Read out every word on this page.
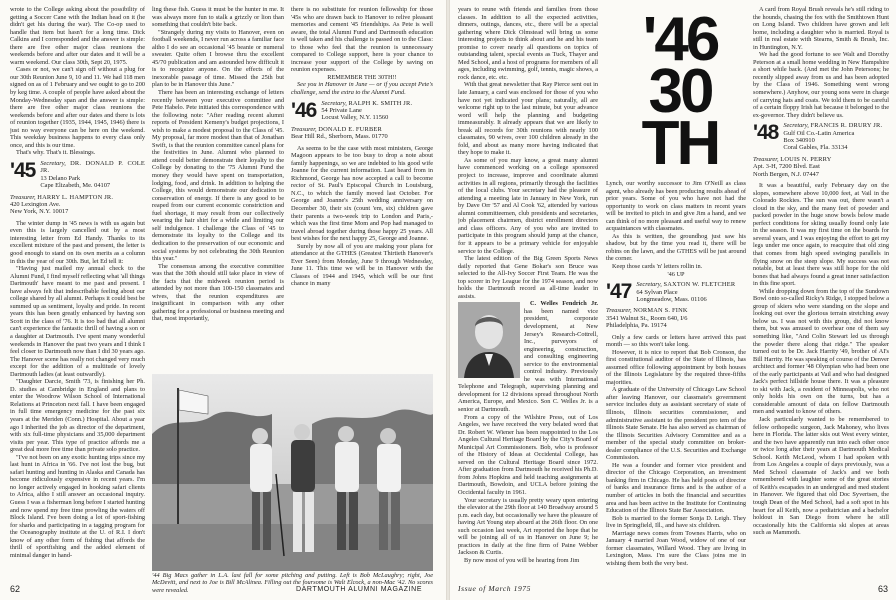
wrote to the College asking about the possibility of getting a Soccer Cane with the Indian head on it (he didn't get his during the war). The Co-op used to handle that item but hasn't for a long time. Dick Calkins and I corresponded and the answer is simple: there are five other major class reunions the weekends before and after our dates and it will be a warm weekend. Our class 30th, Sept 20, 1975.

Cases or not, we can't sign off without a plug for our 30th Reunion June 9, 10 and 11. We had 118 men signed on as of 1 February and we ought to go to 200 by keg time. A couple of people have asked about the Monday-Wednesday span and the answer is simple: there are five other major class reunions the weekends before and after our dates and there is lots of reunion together (1935, 1944, 1945, 1946) there is just no way everyone can be here on the weekend. This weekday business happens to every class only once, and this is our time.

That's why. That's it. Blessings.

'45 Secretary, DR. DONALD P. COLE JR.
13 Delano Park
Cape Elizabeth, Me. 04107
Treasurer, HARRY L. HAMPTON JR.
420 Lexington Ave.
New York, N.Y. 10017

The winter dump in '45 news is with us again but even this is largely cancelled out by a most interesting letter from Ed Handy. Thanks to its excellent mixture of the past and present, the letter is good enough to stand on its own merits as a column in this the year of our 30th. But, let Ed tell it:

"Having just mailed my annual check to the Alumni Fund, I find myself reflecting what 'all things Dartmouth' have meant to me past and present. I have always felt that indescribable feeling about our college shared by all alumni. Perhaps it could best be summed up as sentiment, loyalty and pride. In recent years this has been greatly enhanced by having son Scott in the class of '76. It is too bad that all alumni can't experience the fantastic thrill of having a son or a daughter at Dartmouth. I've spent many wonderful weekends in Hanover the past two years and I think I feel closer to Dartmouth now than I did 30 years ago. The Hanover scene has really not changed very much except for the addition of a multitude of lovely Dartmouth ladies (at least outwardly).

"Daughter Darcie, Smith '73, is finishing her Ph. D. studies at Cambridge in England and plans to enter the Woodrow Wilson School of International Relations at Princeton next fall. I have been engaged in full time emergency medicine for the past six years at the Meriden (Conn.) Hospital. About a year ago I inherited the job as director of the department, with six full-time physicians and 35,000 department visits per year. This type of practice affords me a great deal more free time than private solo practice.

"I've not been on any exotic hunting trips since my last hunt in Africa in '66. I've not lost the bug, but safari hunting and hunting in Alaska and Canada has become ridiculously expensive in recent years. I'm no longer actively engaged in hooking safari clients to Africa, altho I still answer an occasional inquiry. Guess I was a fisherman long before I started hunting and now spend my free time prowling the waters off Block Island. I've been doing a lot of sport-fishing for sharks and participating in a tagging program for the Oceanography institute at the U. of R.I. I don't know of any other form of fishing that affords the thrill of sportfishing and the added element of minimal danger in hand-

ling these fish. Guess it must be the hunter in me. It was always more fun to stalk a grizzly or lion than something that couldn't bite back.

"Strangely during my visits to Hanover, even on football weekends, I never run across a familiar face altho I do see an occasional '45 beanie or numeral sweater. Quite often I browse thru the excellent 45/70 publication and am astounded how difficult it is to recognize anyone. On the effects of the inexorable passage of time. Missed the 25th but plan to be in Hanover this June."

There has been an interesting exchange of letters recently between your executive committee and Pete Habelo. Pete initiated this correspondence with the following note: "After reading recent alumni reports of President Kemeny's budget projections, I wish to make a modest proposal to the Class of '45. My proposal, far more modest than that of Jonathan Swift, is that the reunion committee cancel plans for the festivities in June. Alumni who planned to attend could better demonstrate their loyalty to the College by donating to the '75 Alumni Fund the money they would have spent on transportation, lodging, food, and drink. In addition to helping the College, this would demonstrate our dedication to conservation of energy. If there is any good to be reaped from our current economic constriction and fuel shortage, it may result from our collectively wearing the hair shirt for a while and limiting our self indulgence. I challenge the Class of '45 to demonstrate its loyalty to the College and its dedication to the preservation of our economic and social systems by not celebrating the 30th Reunion this year."

The consensus among the executive committee was that the 30th should still take place in view of the facts that the midweek reunion period is attended by not more than 100-150 classmates and wives, that the reunion expenditures are insignificant in comparison with any other gathering for a professional or business meeting and that, most importantly,

there is no substitute for reunion fellowship for those '45s who are drawn back to Hanover to relive pleasant memories and cement '45 friendships. As Pete is well aware, the total Alumni Fund and Dartmouth education is well taken and his challenge is passed on to the Class: to those who feel that the reunion is unnecessary compared to College support, here is your chance to increase your support of the College by saving on reunion expenses.

REMEMBER THE 30TH!!

See you in Hanover in June — or if you accept Pete's challenge, send the extra to the Alumni Fund.

'46 Secretary, RALPH K. SMITH JR.
54 Private Lane
Locust Valley, N.Y. 11560
Treasurer, DONALD E. FURBER
Bear Hill Rd., Sherborn, Mass. 01770

As seems to be the case with most ministers, George Magoon appears to be too busy to drop a note about family happenings, so we are indebted to his good wife Joanne for the current information. Last heard from in Richmond, George has now accepted a call to become rector of St. Paul's Episcopal Church in Louisburg, N.C., to which the family moved last October. For George and Joanne's 25th wedding anniversary on December 30, their six (count 'em, six) children gave their parents a two-week trip to London and Paris,-which was the first time Mom and Pop had managed to travel abroad together during those happy 25 years. All best wishes for the next happy 25, George and Joanne.

Surely by now all of you are making your plans for attendance at the GTHES (Greatest Thirtieth Hanover's Ever Seen) from Monday, June 9 through Wednesday, June 11. This time we will be in Hanover with the Classes of 1944 and 1945, which will be our first chance in many

'44 Big Macs gather in L.A. last fall for some pitching and putting. Left is Bob McLaughry; right, Joe McDevitt, and next to Joe is Bill McAlinea. Filling out the foursome is Walt Elcock, a non-Mac '42. No scores were revealed.
62	DARTMOUTH ALUMNI MAGAZINE

years to reune with friends and families from those classes. In addition to all the expected activities, dinners, outings, dances, etc., there will be a special gathering where Dick Olmstead will bring us some interesting projects to think about and he and his team promise to cover nearly all questions on topics of outstanding talent, special events as Tuck, Thayer and Med School, and a host of programs for members of all ages, including swimming, golf, tennis, magic shows, a rock dance, etc. etc.

With that great newsletter that Ray Pierce sent out in late January, a card was enclosed for those of you who have not yet indicated your plans; naturally, all are welcome right up to the last minute, but your advance word will help the planning and budgeting immeasurably. It already appears that we are likely to break all records for 30th reunions with nearly 100 classmates, 90 wives, over 100 children already in the fold, and about as many more having indicated that they hope to make it.

As some of you may know, a great many alumni have commenced working on a college sponsored project to increase, improve and coordinate alumni activities in all regions, primarily through the facilities of the local clubs. Your secretary had the pleasure of attending a meeting late in January in New York, run by Dave Orr '57 and Al Cook '62, attended by various alumni committeemen, club presidents and secretaries, job placement chairmen, district enrollment directors and class officers. Any of you who are invited to participate in this program should jump at the chance, for it appears to be a primary vehicle for enjoyable service to the College.

The latest edition of the Big Green Sports News daily reported that Gene Bokar's son Bruce was selected to the All-Ivy Soccer First Team. He was the top scorer in Ivy League for the 1974 season, and now holds the Dartmouth record as all-time leader in assists.

C. Welles Fendrich Jr. has been named vice president, corporate development, at New Jersey's Research-Cottrell, Inc., purveyors of engineering, construction, and consulting engineering service to the environmental control industry. Previously he was with International Telephone and Telegraph, supervising planning and development for 12 divisions spread throughout North America, Europe, and Mexico. Son C. Welles Jr. is a senior at Dartmouth.

From a copy of the Wilshire Press, out of Los Angeles, we have received the very belated word that Dr. Robert W. Wiener has been reappointed to the Los Angeles Cultural Heritage Board by the City's Board of Municipal Art Commissioners. Bob, who is professor of the History of Ideas at Occidental College, has served on the Cultural Heritage Board since 1972. After graduation from Dartmouth he received his Ph.D. from Johns Hopkins and held teaching assignments at Dartmouth, Bowdoin, and UCLA before joining the Occidental faculty in 1961.

Your secretary is usually pretty weary upon entering the elevator at the 29th floor at 140 Broadway around 5 p.m. each day, but occasionally we have the pleasure of having Art Young step aboard at the 26th floor. On one such occasion last week, Art reported the hope that he will be joining all of us in Hanover on June 9; he practices in daily at the fine firm of Paine Webber Jackson & Curtis.

By now most of you will be hearing from Jim

Issue of March 1975
'46
30
TH

Lynch, our worthy successor to Jim O'Neill as class agent, who already has been producing results ahead of prior years. Some of you who have not had the opportunity to work on class matters in recent years will be invited to pitch in and give Jim a hand, and we can think of no more pleasant and useful way to renew acquaintances with classmates.

As this is written, the groundhog just saw his shadow, but by the time you read it, there will be robins on the lawn, and the GTHES will be just around the corner.

Keep those cards 'n' letters rollin in.

'46 UP

'47 Secretary, SAXTON W. FLETCHER
64 Sylvan Place
Longmeadow, Mass. 01106
Treasurer, NORMAN S. FINK
3541 Walnut St., Room 640, I/6
Philadelphia, Pa. 19174

Only a few cards or letters have arrived this past month — so this won't take long.

However, it is nice to report that Bob Cronson, the first constitutional auditor of the State of Illinois, has assumed office following appointment by both houses of the Illinois Legislature by the required three-fifths majorities.

A graduate of the University of Chicago Law School after leaving Hanover, our classmate's government service includes duty as assistant secretary of state of Illinois, Illinois securities commissioner, and administrative assistant to the president pro tem of the Illinois State Senate. He has also served as chairman of the Illinois Securities Advisory Committee and as a member of the special study committee on broker-dealer compliance of the U.S. Securities and Exchange Commission.

He was a founder and former vice president and director of the Chicago Corporation, an investment banking firm in Chicago. He has held posts of director of banks and insurance firms and is the author of a number of articles in both the financial and securities area and has been active in the Institute for Continuing Education of the Illinois State Bar Association.

Bob is married to the former Sonja D. Leigh. They live in Springfield, Ill., and have six children.

Marriage news comes from Townes Harris, who on January 4 married Joan Wood, widow of one of our former classmates, Willard Wood. They are living in Lexington, Mass. I'm sure the Class joins me in wishing them both the very best.

A card from Royal Brush reveals he's still riding to the hounds, chasing the fox with the Smithtown Hunt on Long Island. Two children have grown and left home, including a daughter who is married. Royal is still in real estate with Stearns, Smith & Brush, Inc. in Huntington, N.Y.

We had the good fortune to see Walt and Dorothy Peterson at a small home wedding in New Hampshire a short while back. (And met the John Petersons; he recently slipped away from us and has been adopted by the Class of 1946. Something went wrong somewhere.) Anyhow, our young sons were in charge of carrying hats and coats. We told them to be careful of a certain floppy Irish hat because it belonged to the ex-governor. They didn't believe us.

'48 Secretary, FRANCIS R. DRURY JR.
Gulf Oil Co.-Latin America
Box 340910
Coral Gables, Fla. 33134
Treasurer, LOUIS N. PERRY
Apt. 3-H, 7200 Blvd. East
North Bergen, N.J. 07447

It was a beautiful, early February day on the slopes, somewhere above 10,000 feet, at Vail in the Colorado Rockies. The sun was out, there wasn't a cloud in the sky, and the many feet of powder and packed powder in the huge snow bowls below made perfect conditions for skiing usually found only late in the season. It was my first time on the boards for several years, and I was enjoying the effort to get my legs under me once again, to reacquire that old zing that comes from high speed swinging parallels in flying snow on the steep slope. My success was not notable, but at least there was still hope for the old bones that had always found a great inner satisfaction in this fine sport.

While dropping down from the top of the Sundown Bowl onto so-called Ricky's Ridge, I stopped below a group of skiers who were standing on the slope and looking out over the glorious terrain stretching away below us. I was not with this group, did not know them, but was amused to overhear one of them say something like, "And Colin Stewart led us through the powder there along that ridge." The speaker turned out to be Dr. Jack Harrity '49, brother of AI's Bill Harrity. He was speaking of course of the Denver architect and former '48 Olympian who had been one of the early participants at Vail and who had designed Jack's perfect hillside house there. It was a pleasure to ski with Jack, a resident of Minneapolis, who not only holds his own on the turns, but has a considerable amount of data on fellow Dartmouth men and wanted to know of others.

Jack particularly wanted to be remembered to fellow orthopedic surgeon, Jack Mahoney, who lives here in Florida. The latter skis out West every winter, and the two have apparently run into each other once or twice long after their years at Dartmouth Medical School. Keith McLeod, whom I had spoken with from Los Angeles a couple of days previously, was a Med School classmate of Jack's and we both remembered with laughter some of the great stories of Keith's escapades in an undergrad and med student in Hanover. We figured that old Doc Syvertsen, the tough Dean of the Med School, had a soft spot in his heart for all Keith, now a pediatrician and a bachelor holdout in San Diego from where he still occasionally hits the California ski slopes at areas such as Mammoth.

63
